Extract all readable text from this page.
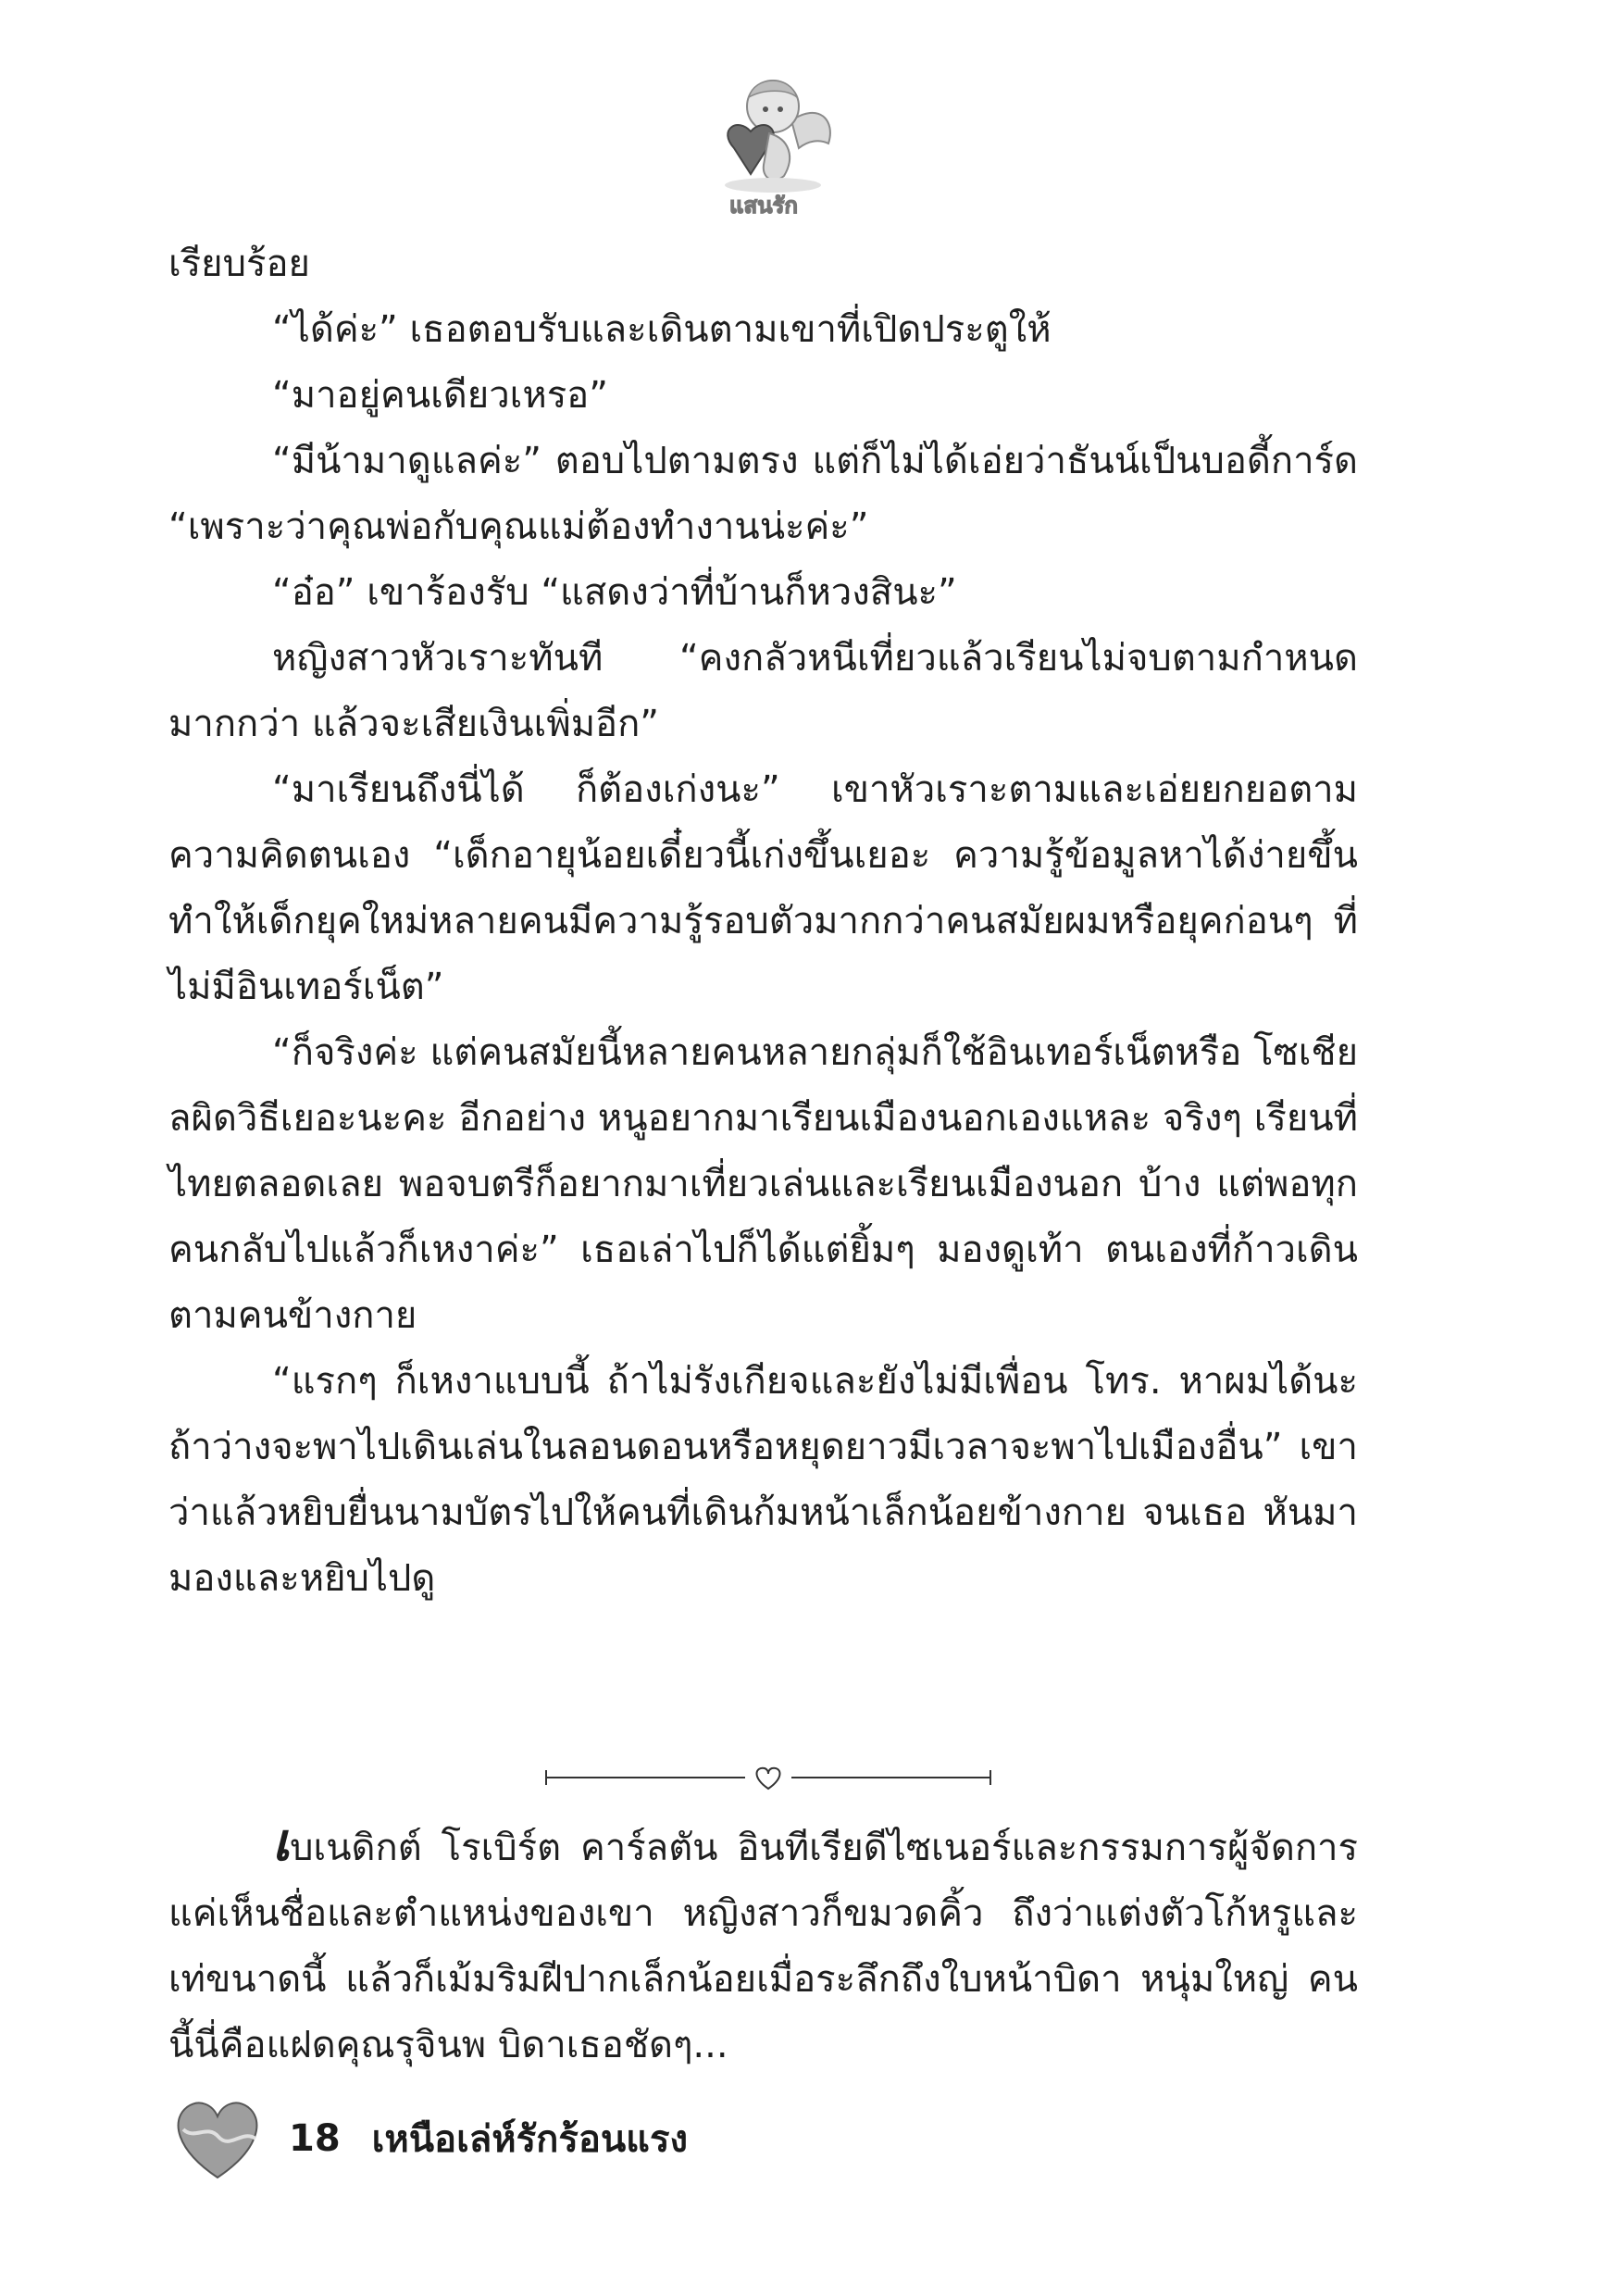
แสนรัก

เรียบร้อย

“ได้ค่ะ” เธอตอบรับและเดินตามเขาที่เปิดประตูให้

“มาอยู่คนเดียวเหรอ”

“มีน้ามาดูแลค่ะ” ตอบไปตามตรง แต่ก็ไม่ได้เอ่ยว่าธันน์เป็นบอดี้การ์ด “เพราะว่าคุณพ่อกับคุณแม่ต้องทำงานน่ะค่ะ”

“อ๋อ” เขาร้องรับ “แสดงว่าที่บ้านก็หวงสินะ”

หญิงสาวหัวเราะทันที “คงกลัวหนีเที่ยวแล้วเรียนไม่จบตามกำหนด มากกว่า แล้วจะเสียเงินเพิ่มอีก”

“มาเรียนถึงนี่ได้ ก็ต้องเก่งนะ” เขาหัวเราะตามและเอ่ยยกยอตาม ความคิดตนเอง “เด็กอายุน้อยเดี๋ยวนี้เก่งขึ้นเยอะ ความรู้ข้อมูลหาได้ง่ายขึ้น ทำให้เด็กยุคใหม่หลายคนมีความรู้รอบตัวมากกว่าคนสมัยผมหรือยุคก่อนๆ ที่ไม่มีอินเทอร์เน็ต”

“ก็จริงค่ะ แต่คนสมัยนี้หลายคนหลายกลุ่มก็ใช้อินเทอร์เน็ตหรือ โซเชียลผิดวิธีเยอะนะคะ อีกอย่าง หนูอยากมาเรียนเมืองนอกเองแหละ จริงๆ เรียนที่ไทยตลอดเลย พอจบตรีก็อยากมาเที่ยวเล่นและเรียนเมืองนอก บ้าง แต่พอทุกคนกลับไปแล้วก็เหงาค่ะ” เธอเล่าไปก็ได้แต่ยิ้มๆ มองดูเท้า ตนเองที่ก้าวเดินตามคนข้างกาย

“แรกๆ ก็เหงาแบบนี้ ถ้าไม่รังเกียจและยังไม่มีเพื่อน โทร. หาผมได้นะ ถ้าว่างจะพาไปเดินเล่นในลอนดอนหรือหยุดยาวมีเวลาจะพาไปเมืองอื่น” เขาว่าแล้วหยิบยื่นนามบัตรไปให้คนที่เดินก้มหน้าเล็กน้อยข้างกาย จนเธอ หันมามองและหยิบไปดู

เบเนดิกต์ โรเบิร์ต คาร์ลตัน อินทีเรียดีไซเนอร์และกรรมการผู้จัดการ แค่เห็นชื่อและตำแหน่งของเขา หญิงสาวก็ขมวดคิ้ว ถึงว่าแต่งตัวโก้หรูและ เท่ขนาดนี้ แล้วก็เม้มริมฝีปากเล็กน้อยเมื่อระลึกถึงใบหน้าบิดา หนุ่มใหญ่ คนนี้นี่คือแฝดคุณรุจินพ บิดาเธอชัดๆ...

18 เหนือเล่ห์รักร้อนแรง
